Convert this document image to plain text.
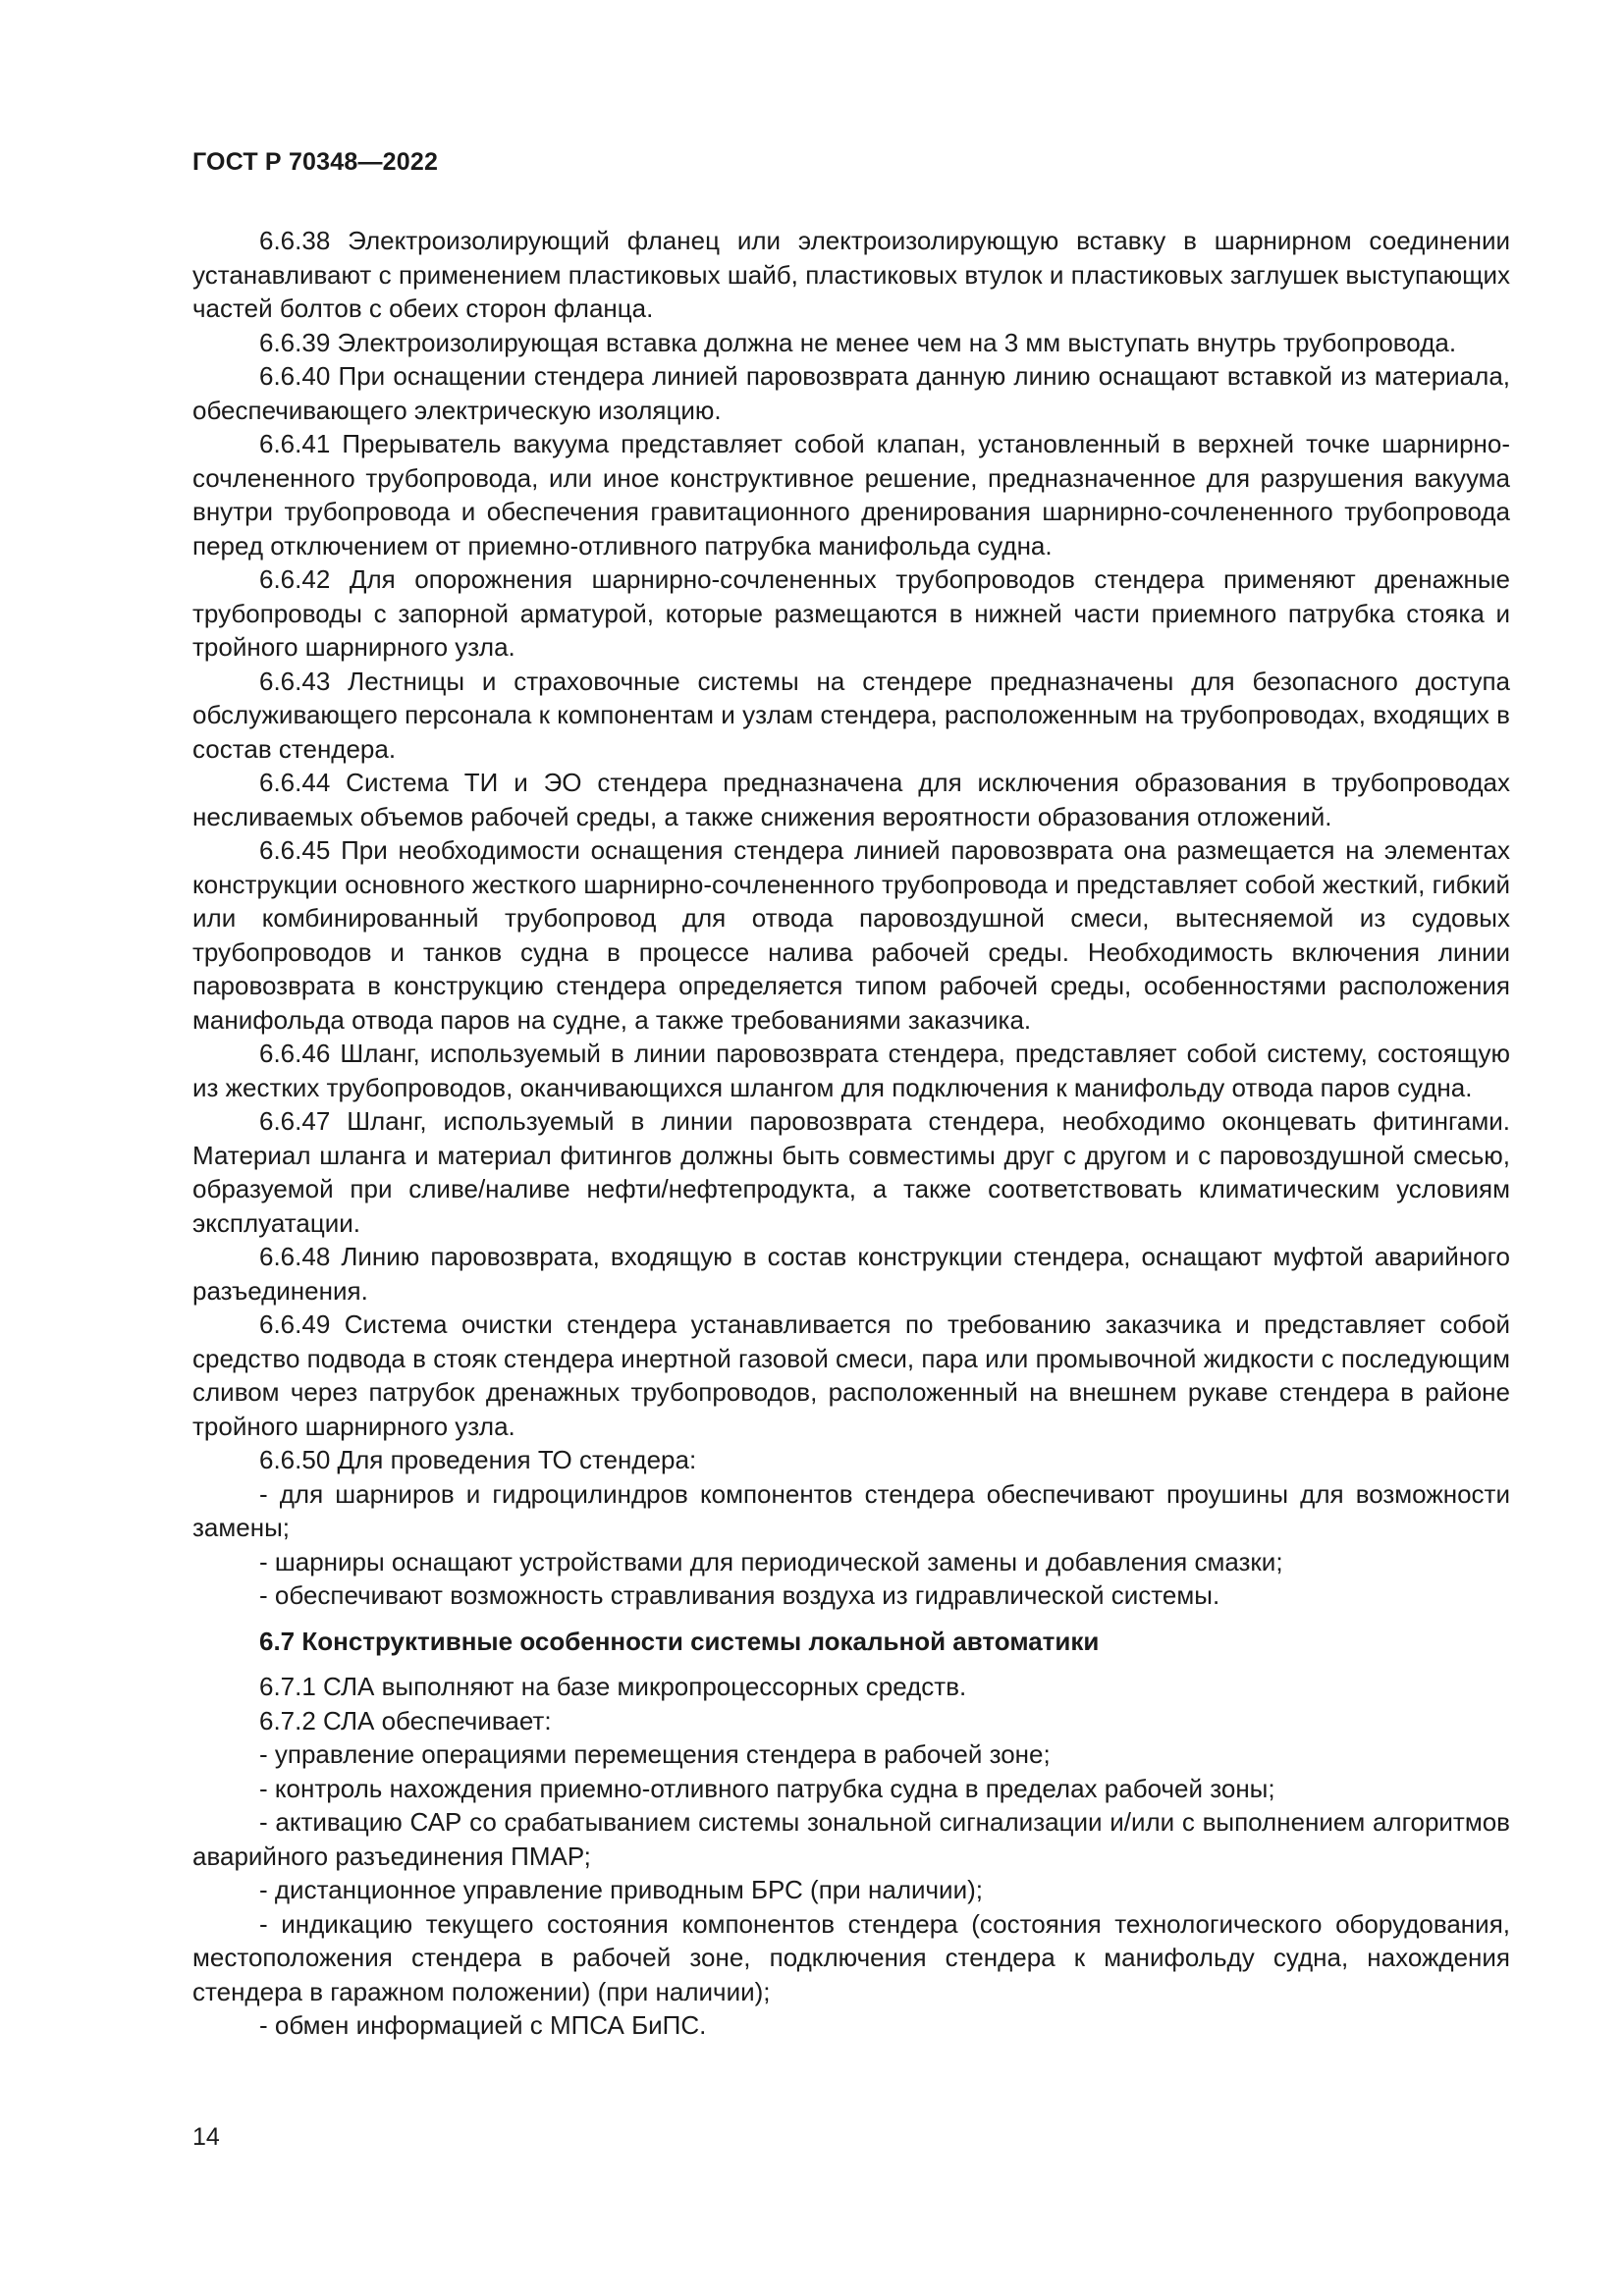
ГОСТ Р 70348—2022

6.6.38 Электроизолирующий фланец или электроизолирующую вставку в шарнирном соединении устанавливают с применением пластиковых шайб, пластиковых втулок и пластиковых заглушек выступающих частей болтов с обеих сторон фланца.

6.6.39 Электроизолирующая вставка должна не менее чем на 3 мм выступать внутрь трубопровода.

6.6.40 При оснащении стендера линией паровозврата данную линию оснащают вставкой из материала, обеспечивающего электрическую изоляцию.

6.6.41 Прерыватель вакуума представляет собой клапан, установленный в верхней точке шарнирно-сочлененного трубопровода, или иное конструктивное решение, предназначенное для разрушения вакуума внутри трубопровода и обеспечения гравитационного дренирования шарнирно-сочлененного трубопровода перед отключением от приемно-отливного патрубка манифольда судна.

6.6.42 Для опорожнения шарнирно-сочлененных трубопроводов стендера применяют дренажные трубопроводы с запорной арматурой, которые размещаются в нижней части приемного патрубка стояка и тройного шарнирного узла.

6.6.43 Лестницы и страховочные системы на стендере предназначены для безопасного доступа обслуживающего персонала к компонентам и узлам стендера, расположенным на трубопроводах, входящих в состав стендера.

6.6.44 Система ТИ и ЭО стендера предназначена для исключения образования в трубопроводах несливаемых объемов рабочей среды, а также снижения вероятности образования отложений.

6.6.45 При необходимости оснащения стендера линией паровозврата она размещается на элементах конструкции основного жесткого шарнирно-сочлененного трубопровода и представляет собой жесткий, гибкий или комбинированный трубопровод для отвода паровоздушной смеси, вытесняемой из судовых трубопроводов и танков судна в процессе налива рабочей среды. Необходимость включения линии паровозврата в конструкцию стендера определяется типом рабочей среды, особенностями расположения манифольда отвода паров на судне, а также требованиями заказчика.

6.6.46 Шланг, используемый в линии паровозврата стендера, представляет собой систему, состоящую из жестких трубопроводов, оканчивающихся шлангом для подключения к манифольду отвода паров судна.

6.6.47 Шланг, используемый в линии паровозврата стендера, необходимо оконцевать фитингами. Материал шланга и материал фитингов должны быть совместимы друг с другом и с паровоздушной смесью, образуемой при сливе/наливе нефти/нефтепродукта, а также соответствовать климатическим условиям эксплуатации.

6.6.48 Линию паровозврата, входящую в состав конструкции стендера, оснащают муфтой аварийного разъединения.

6.6.49 Система очистки стендера устанавливается по требованию заказчика и представляет собой средство подвода в стояк стендера инертной газовой смеси, пара или промывочной жидкости с последующим сливом через патрубок дренажных трубопроводов, расположенный на внешнем рукаве стендера в районе тройного шарнирного узла.

6.6.50 Для проведения ТО стендера:

- для шарниров и гидроцилиндров компонентов стендера обеспечивают проушины для возможности замены;

- шарниры оснащают устройствами для периодической замены и добавления смазки;

- обеспечивают возможность стравливания воздуха из гидравлической системы.

6.7 Конструктивные особенности системы локальной автоматики

6.7.1 СЛА выполняют на базе микропроцессорных средств.

6.7.2 СЛА обеспечивает:

- управление операциями перемещения стендера в рабочей зоне;

- контроль нахождения приемно-отливного патрубка судна в пределах рабочей зоны;

- активацию САР со срабатыванием системы зональной сигнализации и/или с выполнением алгоритмов аварийного разъединения ПМАР;

- дистанционное управление приводным БРС (при наличии);

- индикацию текущего состояния компонентов стендера (состояния технологического оборудования, местоположения стендера в рабочей зоне, подключения стендера к манифольду судна, нахождения стендера в гаражном положении) (при наличии);

- обмен информацией с МПСА БиПС.

14
